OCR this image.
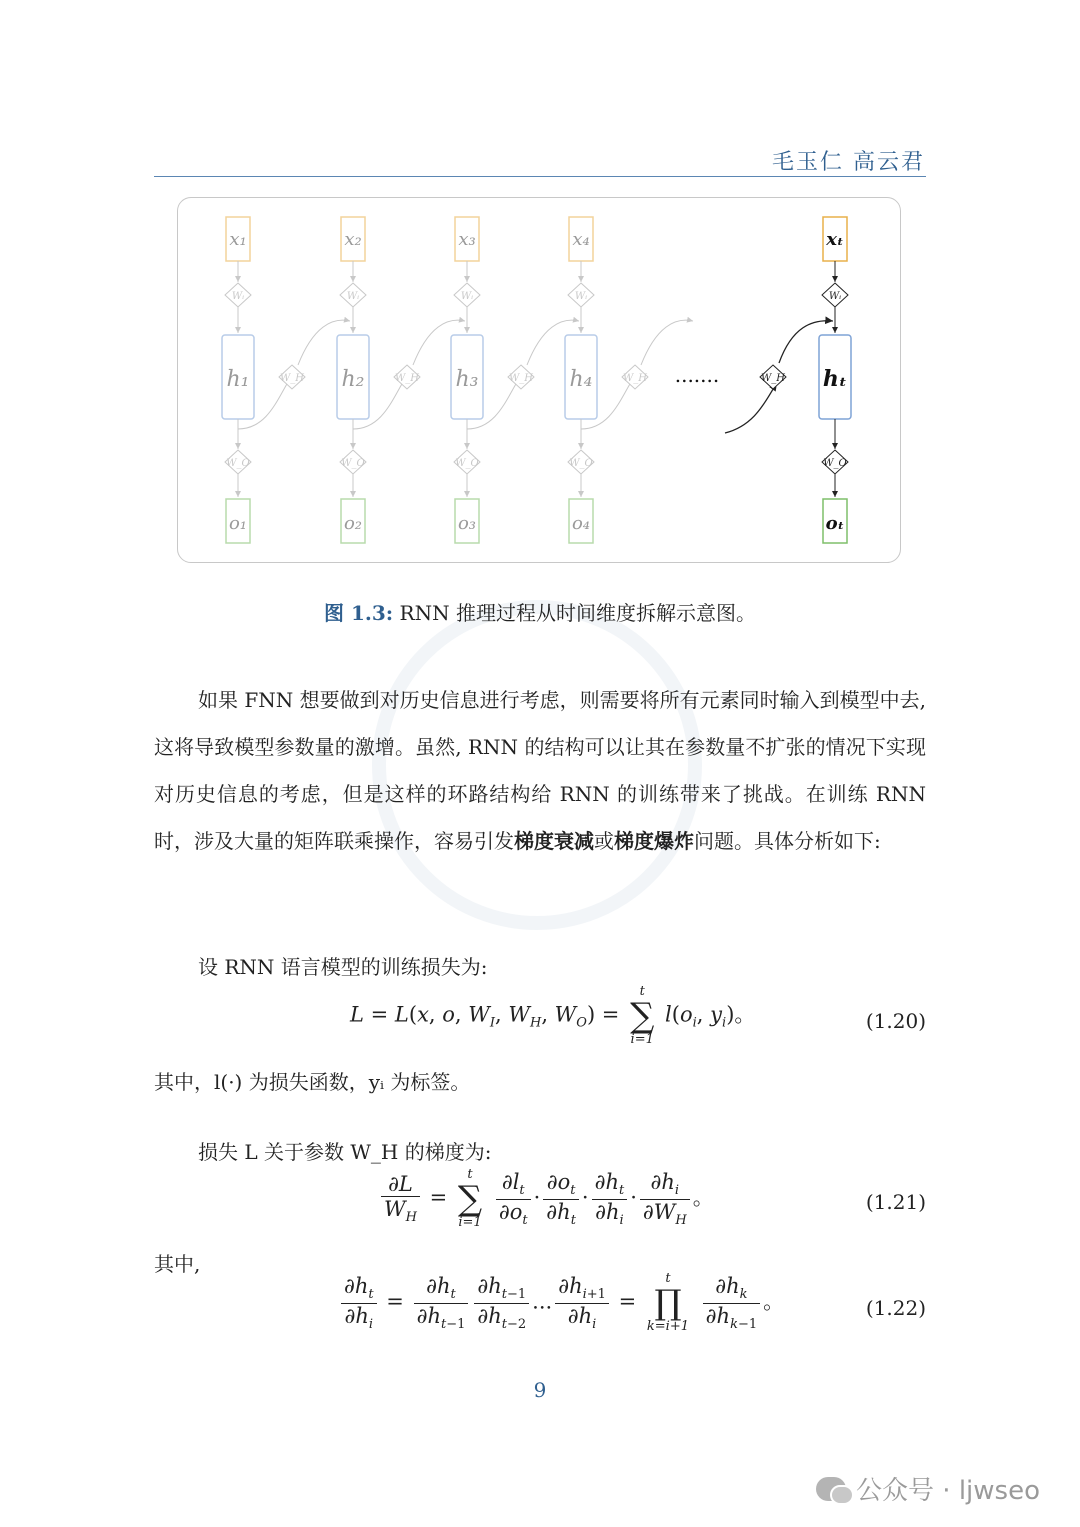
毛玉仁 高云君
x₁
Wᵢ
h₁
W_O
o₁
W_H
x₂
Wᵢ
h₂
W_O
o₂
W_H
x₃
Wᵢ
h₃
W_O
o₃
W_H
x₄
Wᵢ
h₄
W_O
o₄
W_H .......	W_H
xₜ
Wᵢ
hₜ
W_O
oₜ
图 1.3: RNN 推理过程从时间维度拆解示意图。
如果 FNN 想要做到对历史信息进行考虑，则需要将所有元素同时输入到模型中去, 这将导致模型参数量的激增。虽然, RNN 的结构可以让其在参数量不扩张的情况下实现对历史信息的考虑，但是这样的环路结构给 RNN 的训练带来了挑战。在训练 RNN 时，涉及大量的矩阵联乘操作，容易引发梯度衰减或梯度爆炸问题。具体分析如下:
设 RNN 语言模型的训练损失为:
L = L(x, o, $W_I$, $W_H$, $W_O$) =
t
∑
i=1
$l(o_i$, $y_i$)。	(1.20)
其中，l(·) 为损失函数，yᵢ 为标签。
损失 L 关于参数 W_H 的梯度为:
$\frac{\partial L}{W_H}$ =
t
∑
i=1
$\frac{\partial l_t}{\partial o_t} \cdot \frac{\partial o_t}{\partial h_t} \cdot \frac{\partial h_t}{\partial h_i} \cdot \frac{\partial h_i}{\partial W_H}$ 。	(1.21)
其中,
$\frac{\partial h_t}{\partial h_i} = \frac{\partial h_t}{\partial h_{t-1}} \frac{\partial h_{t-1}}{\partial h_{t-2}}$ ... $\frac{\partial h_{i+1}}{\partial h_i}$ =
t
∏
k=i+1
$\frac{\partial h_k}{\partial h_{k-1}}$ 。	(1.22)
9
公众号 · ljwseo
